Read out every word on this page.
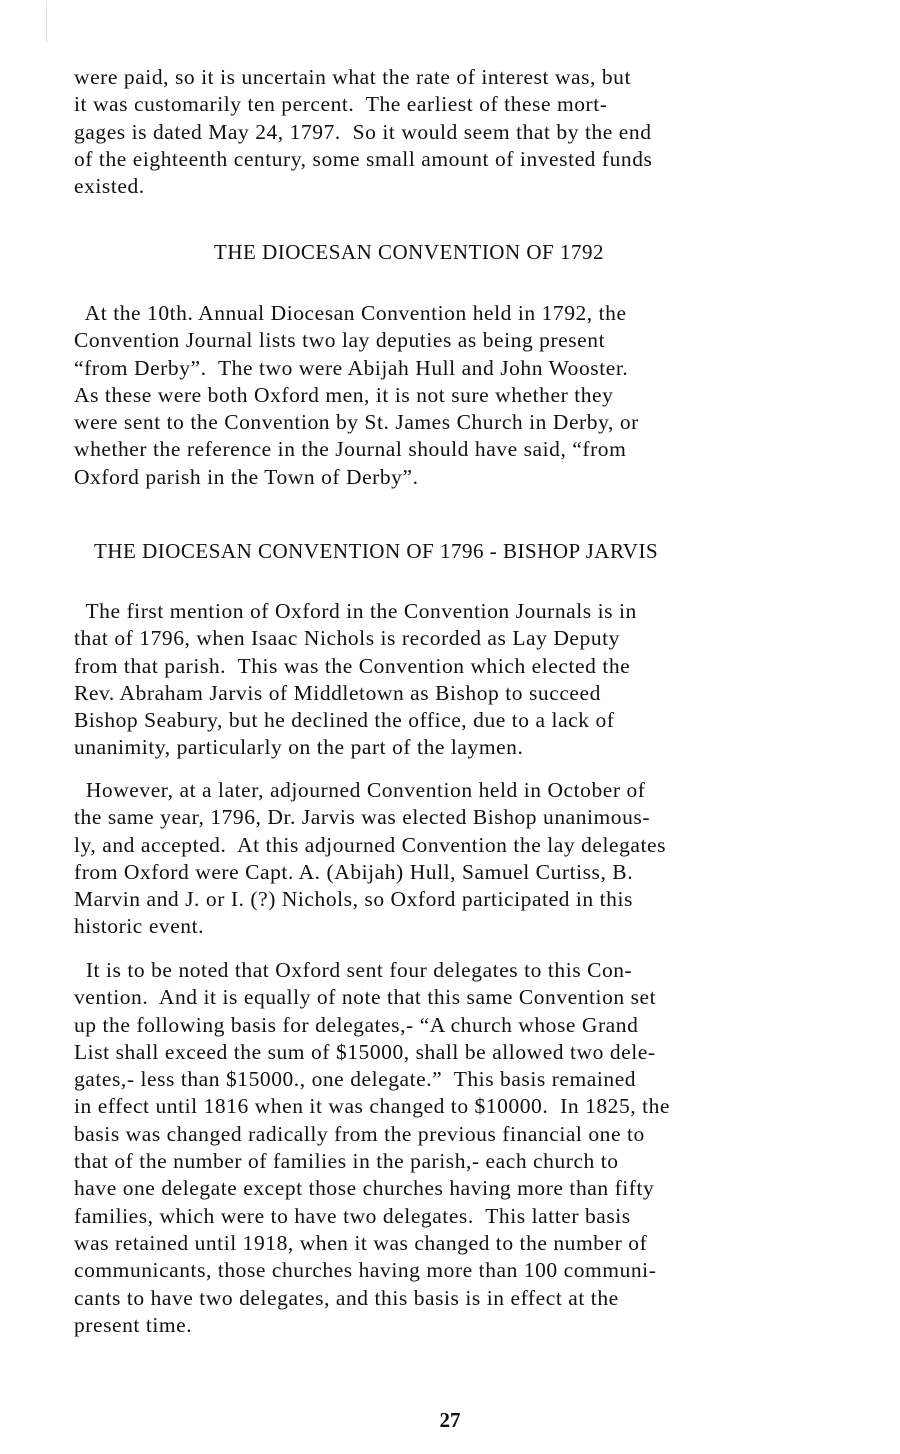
were paid, so it is uncertain what the rate of interest was, but
it was customarily ten percent.  The earliest of these mort-
gages is dated May 24, 1797.  So it would seem that by the end
of the eighteenth century, some small amount of invested funds
existed.
THE DIOCESAN CONVENTION OF 1792
At the 10th. Annual Diocesan Convention held in 1792, the
Convention Journal lists two lay deputies as being present
“from Derby”.  The two were Abijah Hull and John Wooster.
As these were both Oxford men, it is not sure whether they
were sent to the Convention by St. James Church in Derby, or
whether the reference in the Journal should have said, “from
Oxford parish in the Town of Derby”.
THE DIOCESAN CONVENTION OF 1796 - BISHOP JARVIS
The first mention of Oxford in the Convention Journals is in
that of 1796, when Isaac Nichols is recorded as Lay Deputy
from that parish.  This was the Convention which elected the
Rev. Abraham Jarvis of Middletown as Bishop to succeed
Bishop Seabury, but he declined the office, due to a lack of
unanimity, particularly on the part of the laymen.
However, at a later, adjourned Convention held in October of
the same year, 1796, Dr. Jarvis was elected Bishop unanimous-
ly, and accepted.  At this adjourned Convention the lay delegates
from Oxford were Capt. A. (Abijah) Hull, Samuel Curtiss, B.
Marvin and J. or I. (?) Nichols, so Oxford participated in this
historic event.
It is to be noted that Oxford sent four delegates to this Con-
vention.  And it is equally of note that this same Convention set
up the following basis for delegates,- “A church whose Grand
List shall exceed the sum of $15000, shall be allowed two dele-
gates,- less than $15000., one delegate.”  This basis remained
in effect until 1816 when it was changed to $10000.  In 1825, the
basis was changed radically from the previous financial one to
that of the number of families in the parish,- each church to
have one delegate except those churches having more than fifty
families, which were to have two delegates.  This latter basis
was retained until 1918, when it was changed to the number of
communicants, those churches having more than 100 communi-
cants to have two delegates, and this basis is in effect at the
present time.
27
